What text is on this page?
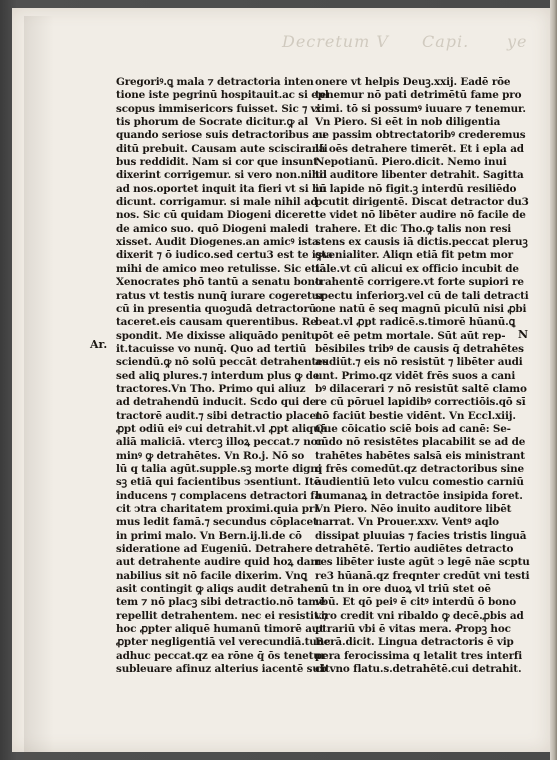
Decretum V Capi. ye
Gregoriꝰ.ꝗ mala ⁊ detractoria inten
tione iste pegrinū hospitauit.ac si epl
scopus immisericors fuisset. Sic ⁊ vi
tis phorum de Socrate dicitur.ꝙ al
quando seriose suis detractoribus au
ditū prebuit. Causam aute scisciranti
bus reddidit. Nam si cor que insunt
dixerint corrigemur. si vero non.nihil
ad nos.oportet inquit ita fieri vt si hū
dicunt. corrigamur. si male nihil ad
nos. Sic cū quidam Diogeni diceret
de amico suo. quō Diogeni maledi
xisset. Audit Diogenes.an amicꝰ ista
dixerit ⁊ ō iudico.sed certu3 est te ista
mihi de amico meo retulisse. Sic etiā
Xenocrates phō tantū a senatu bono
ratus vt testis nunq̄ iurare cogeretur
cū in presentia quoꝫudā detractorū
taceret.eis causam querentibus. Re
spondit. Me dixisse aliquādo penitu
it.tacuisse vo nunq̄. Quo ad tertiū
sciendū.ꝙ nō solū peccāt detrahentes
sed aliꝗ plures.⁊ interdum plus ꝙ de
tractores.Vn Tho. Primo qui aliuz
ad detrahendū inducit. Scdo qui de
tractorē audit.⁊ sibi detractio placet
ꝓpt odiū eiꝰ cui detrahit.vl ꝓpt aliquā
aliā maliciā. vtercꝫ illoꝝ peccat.⁊ non
minꝰ ꝙ detrahētes. Vn Ro.j. Nō so
lū q talia agūt.supple.sꝫ morte digni
sꝫ etiā qui facientibus ↄsentiunt. Itē
inducens ⁊ complacens detractori fa
cit ↄtra charitatem proximi.quia pri
mus ledit famā.⁊ secundus cōplacet
in primi malo. Vn Bern.ij.li.de cō
sideratione ad Eugeniū. Detrahere
aut detrahente audire quid hoꝝ dam
nabilius sit nō facile dixerim. Vnꝗ
asit contingit ꝙ aliqs audit detrahen
tem ⁊ nō placꝫ sibi detractio.nō tamē
repellit detrahentem. nec ei resistit.⁊
hoc ꝓpter aliquē humanū timorē aut
ꝓpter negligentiā vel verecundiā.tunc
adhuc peccat.qz ea rōne q̄ ōs tenetur
subleuare afinuz alterius iacentē sub
onere vt helpis Deuꝫ.xxij. Eadē rōe
tenemur nō pati detrimētū fame pro
ximi. tō si possumꝰ iuuare ⁊ tenemur.
Vn Piero. Si eēt in nob diligentia
ne passim obtrectatoribꝰ crederemus
lā oēs detrahere timerēt. Et i epla ad
Nepotianū. Piero.dicit. Nemo inui
to auditore libenter detrahit. Sagitta
in lapide nō figit.ꝫ interdū resiliēdo
pcutit dirigentē. Discat detractor du3
te videt nō libēter audire nō facile de
trahere. Et dic Tho.ꝙ talis non resi
stens ex causis iā dictis.peccat pleruꝫ
ꝙvenialiter. Aliqn etiā fit petm mor
tale.vt cū alicui ex officio incubit de
trahentē corrigere.vt forte supiori re
spectu inferiorꝫ.vel cū de tali detracti
one natū ē seq magnū piculū nisi ꝓbi
beat.vl ꝓpt radicē.s.timorē hūanū.ꝗ
pōt eē petm mortale. Sūt aūt rep-
bēsibiles tribꝰ de causis q̄ detrahētes
audiūt.⁊ eis nō resistūt ⁊ libēter audi
unt. Primo.qz vidēt frēs suos a cani
bꝰ dilacerari ⁊ nō resistūt saltē clamo
re cū pōruel lapidibꝰ correctiōis.qō sī
nō faciūt bestie vidēnt. Vn Eccl.xiij.
Que cōicatio sciē bois ad canē: Se-
cūdo nō resistētes placabilit se ad de
trahētes habētes salsā eis ministrant
q frēs comedūt.qz detractoribus sine
audientiū leto vulcu comestio carniū
humanaꝝ in detractōe insipida foret.
Vn Piero. Nēo inuito auditore libēt
narrat. Vn Prouer.xxv. Ventꝰ aqlo
dissipat pluuias ⁊ facies tristis linguā
detrahētē. Tertio audiētes detracto
res libēter iuste agūt ↄ legē nāe scptu
re3 hūanā.qz freqnter credūt vni testi
cū tn in ore duoꝝ vl triū stet oē
vbū. Et qō peiꝰ ē citꝰ interdū ō bono
viro credit vni ribaldo ꝙ decē.ꝓbis ad
ptrariū vbi ē vitas mera. Ꝓropꝫ hoc
Berā.dicit. Lingua detractoris ē vip
pera ferocissima q letalit tres interfi
citvno flatu.s.detrahētē.cui detrahit.
Ar.
N
